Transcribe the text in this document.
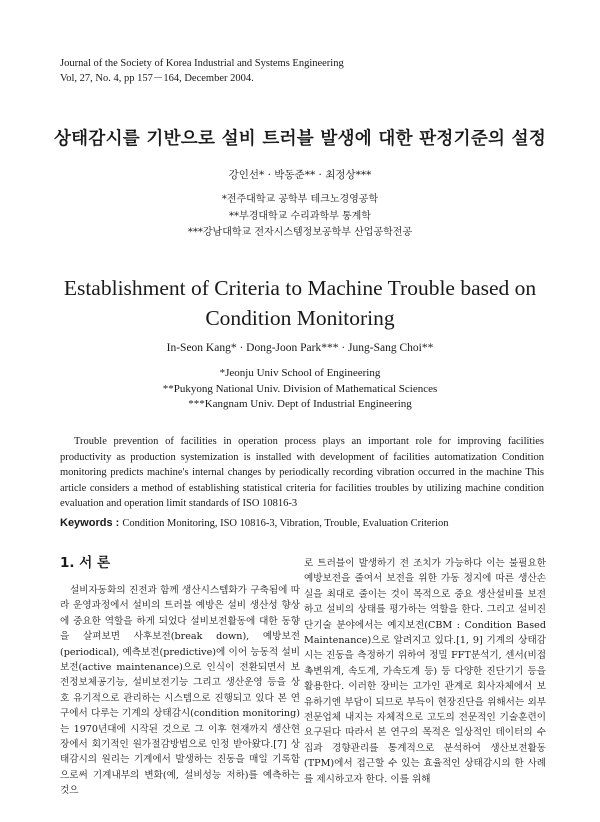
Journal of the Society of Korea Industrial and Systems Engineering
Vol, 27, No. 4, pp 157－164, December 2004.
상태감시를 기반으로 설비 트러블 발생에 대한 판정기준의 설정
강인선* · 박동준** · 최정상***
*전주대학교 공학부 테크노경영공학
**부경대학교 수리과학부 통계학
***강남대학교 전자시스템정보공학부 산업공학전공
Establishment of Criteria to Machine Trouble based on
Condition Monitoring
In-Seon Kang* · Dong-Joon Park*** · Jung-Sang Choi**
*Jeonju Univ School of Engineering
**Pukyong National Univ. Division of Mathematical Sciences
***Kangnam Univ. Dept of Industrial Engineering

Trouble prevention of facilities in operation process plays an important role for improving facilities productivity as production systemization is installed with development of facilities automatization Condition monitoring predicts machine's internal changes by periodically recording vibration occurred in the machine This article considers a method of establishing statistical criteria for facilities troubles by utilizing machine condition evaluation and operation limit standards of ISO 10816-3

Keywords : Condition Monitoring, ISO 10816-3, Vibration, Trouble, Evaluation Criterion
1. 서 론

설비자동화의 진전과 함께 생산시스템화가 구축됨에 따라 운영과정에서 설비의 트러블 예방은 설비 생산성 향상에 중요한 역할을 하게 되었다 설비보전활동에 대한 동향을 살펴보면 사후보전(break down), 예방보전(periodical), 예측보전(predictive)에 이어 능동적 설비보전(active maintenance)으로 인식이 전환되면서 보전정보체공기능, 설비보전기능 그리고 생산운영 등을 상호 유기적으로 관리하는 시스템으로 진행되고 있다 본 연구에서 다루는 기계의 상태감시(condition monitoring)는 1970년대에 시작된 것으로 그 이후 현재까지 생산현장에서 회기적인 원가절감방법으로 인정 받아왔다.[7] 상태감시의 원리는 기계에서 발생하는 진동을 매일 기록함으로써 기계내부의 변화(예, 설비성능 저하)를 예측하는 것으

로 트러블이 발생하기 전 조치가 가능하다 이는 불필요한 예방보전을 줄여서 보전을 위한 가동 정지에 따른 생산손실을 최대로 줄이는 것이 목적으로 중요 생산설비를 보전하고 설비의 상태를 평가하는 역할을 한다. 그리고 설비진단기술 분야에서는 예지보전(CBM : Condition Based Maintenance)으로 알려지고 있다.[1, 9] 기계의 상태감시는 진동을 측정하기 위하여 정밀 FFT분석기, 센서(비접촉변위계, 속도계, 가속도계 등) 등 다양한 진단기기 등을 활용한다. 이러한 장비는 고가인 관계로 회사자체에서 보유하기엔 부담이 되므로 부득이 현장진단을 위해서는 외부 전문업체 내지는 자체적으로 고도의 전문적인 기술훈련이 요구된다 따라서 본 연구의 목적은 일상적인 데이터의 수집과 경향관리를 통계적으로 분석하여 생산보전활동(TPM)에서 접근할 수 있는 효율적인 상태감시의 한 사례를 제시하고자 한다. 이를 위해
